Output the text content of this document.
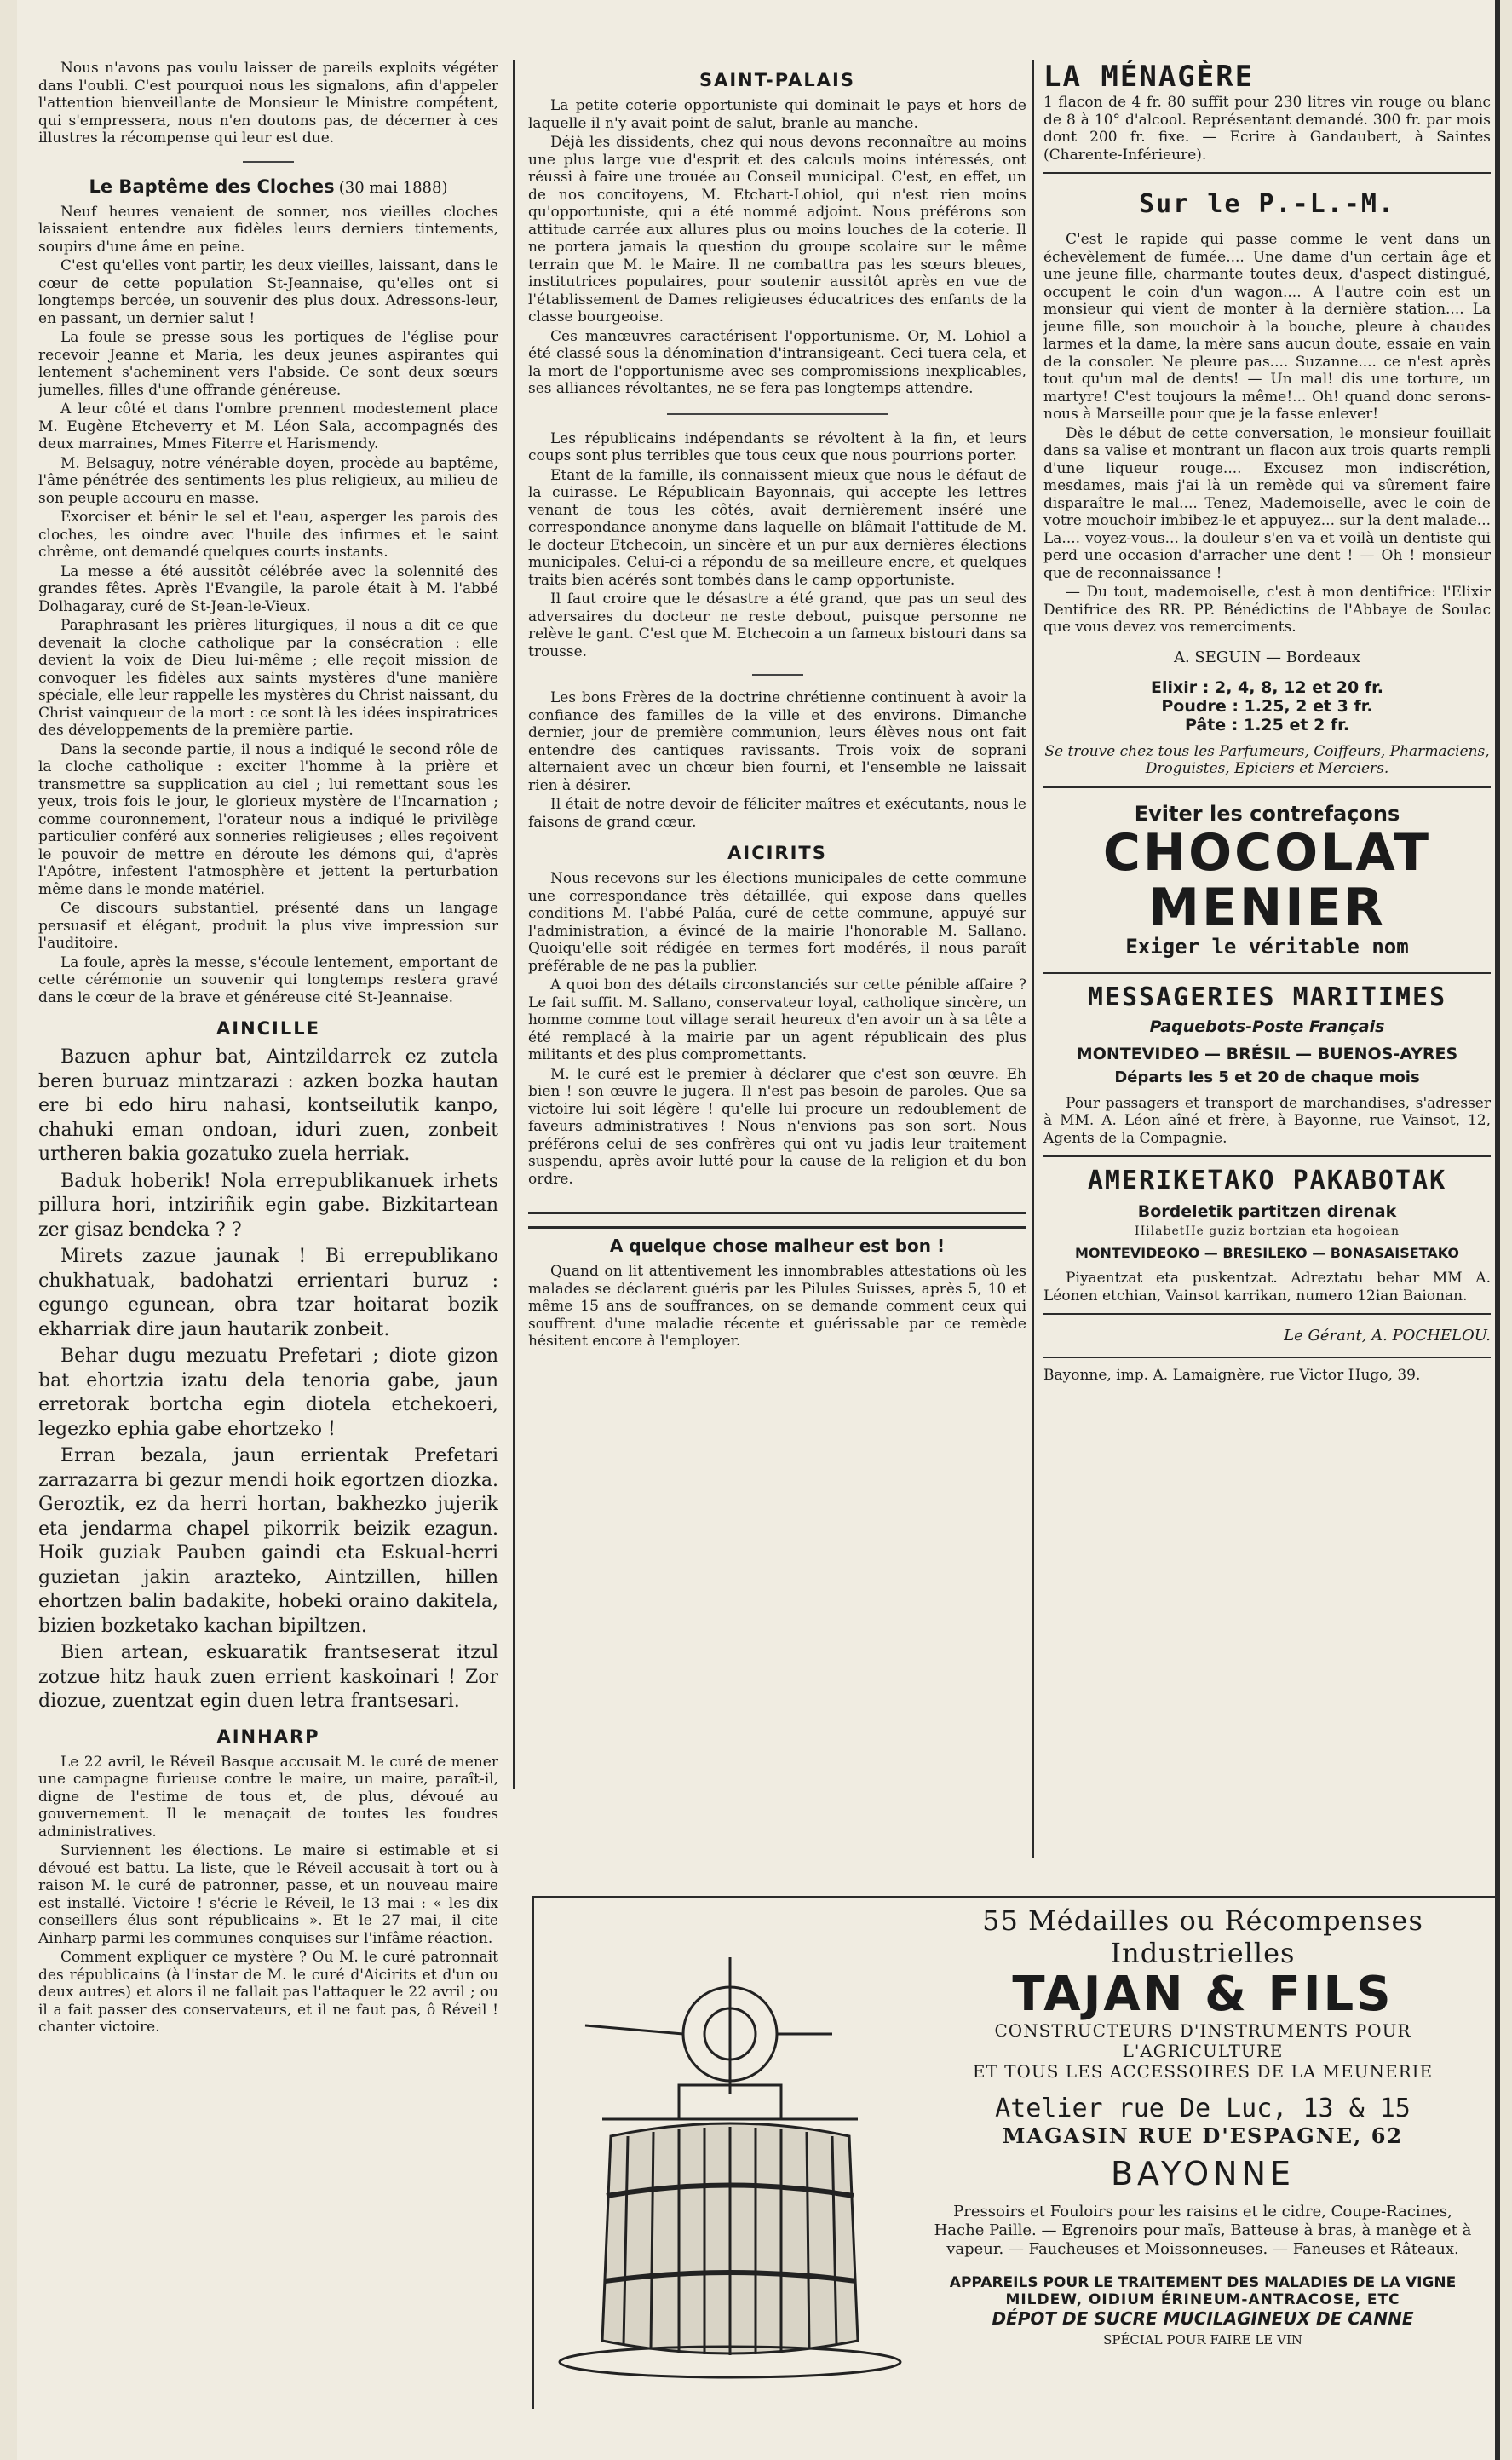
Nous n'avons pas voulu laisser de pareils exploits végéter dans l'oubli. C'est pourquoi nous les signalons, afin d'appeler l'attention bienveillante de Monsieur le Ministre compétent, qui s'empressera, nous n'en doutons pas, de décerner à ces illustres la récompense qui leur est due.

Le Baptême des Cloches (30 mai 1888)

Neuf heures venaient de sonner, nos vieilles cloches laissaient entendre aux fidèles leurs derniers tintements, soupirs d'une âme en peine.

C'est qu'elles vont partir, les deux vieilles, laissant, dans le cœur de cette population St-Jeannaise, qu'elles ont si longtemps bercée, un souvenir des plus doux. Adressons-leur, en passant, un dernier salut !

La foule se presse sous les portiques de l'église pour recevoir Jeanne et Maria, les deux jeunes aspirantes qui lentement s'acheminent vers l'abside. Ce sont deux sœurs jumelles, filles d'une offrande généreuse.

A leur côté et dans l'ombre prennent modestement place M. Eugène Etcheverry et M. Léon Sala, accompagnés des deux marraines, Mmes Fiterre et Harismendy.

M. Belsaguy, notre vénérable doyen, procède au baptême, l'âme pénétrée des sentiments les plus religieux, au milieu de son peuple accouru en masse.

Exorciser et bénir le sel et l'eau, asperger les parois des cloches, les oindre avec l'huile des infirmes et le saint chrême, ont demandé quelques courts instants.

La messe a été aussitôt célébrée avec la solennité des grandes fêtes. Après l'Evangile, la parole était à M. l'abbé Dolhagaray, curé de St-Jean-le-Vieux.

Paraphrasant les prières liturgiques, il nous a dit ce que devenait la cloche catholique par la consécration : elle devient la voix de Dieu lui-même ; elle reçoit mission de convoquer les fidèles aux saints mystères d'une manière spéciale, elle leur rappelle les mystères du Christ naissant, du Christ vainqueur de la mort : ce sont là les idées inspiratrices des développements de la première partie.

Dans la seconde partie, il nous a indiqué le second rôle de la cloche catholique : exciter l'homme à la prière et transmettre sa supplication au ciel ; lui remettant sous les yeux, trois fois le jour, le glorieux mystère de l'Incarnation ; comme couronnement, l'orateur nous a indiqué le privilège particulier conféré aux sonneries religieuses ; elles reçoivent le pouvoir de mettre en déroute les démons qui, d'après l'Apôtre, infestent l'atmosphère et jettent la perturbation même dans le monde matériel.

Ce discours substantiel, présenté dans un langage persuasif et élégant, produit la plus vive impression sur l'auditoire.

La foule, après la messe, s'écoule lentement, emportant de cette cérémonie un souvenir qui longtemps restera gravé dans le cœur de la brave et généreuse cité St-Jeannaise.

AINCILLE

Bazuen aphur bat, Aintzildarrek ez zutela beren buruaz mintzarazi : azken bozka hautan ere bi edo hiru nahasi, kontseilutik kanpo, chahuki eman ondoan, iduri zuen, zonbeit urtheren bakia gozatuko zuela herriak.

Baduk hoberik! Nola errepublikanuek irhets pillura hori, intziriñik egin gabe. Bizkitartean zer gisaz bendeka ? ?

Mirets zazue jaunak ! Bi errepublikano chukhatuak, badohatzi errientari buruz : egungo egunean, obra tzar hoitarat bozik ekharriak dire jaun hautarik zonbeit.

Behar dugu mezuatu Prefetari ; diote gizon bat ehortzia izatu dela tenoria gabe, jaun erretorak bortcha egin diotela etchekoeri, legezko ephia gabe ehortzeko !

Erran bezala, jaun errientak Prefetari zarrazarra bi gezur mendi hoik egortzen diozka. Geroztik, ez da herri hortan, bakhezko jujerik eta jendarma chapel pikorrik beizik ezagun. Hoik guziak Pauben gaindi eta Eskual-herri guzietan jakin arazteko, Aintzillen, hillen ehortzen balin badakite, hobeki oraino dakitela, bizien bozketako kachan bipiltzen.

Bien artean, eskuaratik frantseserat itzul zotzue hitz hauk zuen errient kaskoinari ! Zor diozue, zuentzat egin duen letra frantsesari.

AINHARP

Le 22 avril, le Réveil Basque accusait M. le curé de mener une campagne furieuse contre le maire, un maire, paraît-il, digne de l'estime de tous et, de plus, dévoué au gouvernement. Il le menaçait de toutes les foudres administratives.

Surviennent les élections. Le maire si estimable et si dévoué est battu. La liste, que le Réveil accusait à tort ou à raison M. le curé de patronner, passe, et un nouveau maire est installé. Victoire ! s'écrie le Réveil, le 13 mai : « les dix conseillers élus sont républicains ». Et le 27 mai, il cite Ainharp parmi les communes conquises sur l'infâme réaction.

Comment expliquer ce mystère ? Ou M. le curé patronnait des républicains (à l'instar de M. le curé d'Aicirits et d'un ou deux autres) et alors il ne fallait pas l'attaquer le 22 avril ; ou il a fait passer des conservateurs, et il ne faut pas, ô Réveil ! chanter victoire.

SAINT-PALAIS

La petite coterie opportuniste qui dominait le pays et hors de laquelle il n'y avait point de salut, branle au manche.

Déjà les dissidents, chez qui nous devons reconnaître au moins une plus large vue d'esprit et des calculs moins intéressés, ont réussi à faire une trouée au Conseil municipal. C'est, en effet, un de nos concitoyens, M. Etchart-Lohiol, qui n'est rien moins qu'opportuniste, qui a été nommé adjoint. Nous préférons son attitude carrée aux allures plus ou moins louches de la coterie. Il ne portera jamais la question du groupe scolaire sur le même terrain que M. le Maire. Il ne combattra pas les sœurs bleues, institutrices populaires, pour soutenir aussitôt après en vue de l'établissement de Dames religieuses éducatrices des enfants de la classe bourgeoise.

Ces manœuvres caractérisent l'opportunisme. Or, M. Lohiol a été classé sous la dénomination d'intransigeant. Ceci tuera cela, et la mort de l'opportunisme avec ses compromissions inexplicables, ses alliances révoltantes, ne se fera pas longtemps attendre.

Les républicains indépendants se révoltent à la fin, et leurs coups sont plus terribles que tous ceux que nous pourrions porter.

Etant de la famille, ils connaissent mieux que nous le défaut de la cuirasse. Le Républicain Bayonnais, qui accepte les lettres venant de tous les côtés, avait dernièrement inséré une correspondance anonyme dans laquelle on blâmait l'attitude de M. le docteur Etchecoin, un sincère et un pur aux dernières élections municipales. Celui-ci a répondu de sa meilleure encre, et quelques traits bien acérés sont tombés dans le camp opportuniste.

Il faut croire que le désastre a été grand, que pas un seul des adversaires du docteur ne reste debout, puisque personne ne relève le gant. C'est que M. Etchecoin a un fameux bistouri dans sa trousse.

Les bons Frères de la doctrine chrétienne continuent à avoir la confiance des familles de la ville et des environs. Dimanche dernier, jour de première communion, leurs élèves nous ont fait entendre des cantiques ravissants. Trois voix de soprani alternaient avec un chœur bien fourni, et l'ensemble ne laissait rien à désirer.

Il était de notre devoir de féliciter maîtres et exécutants, nous le faisons de grand cœur.

AICIRITS

Nous recevons sur les élections municipales de cette commune une correspondance très détaillée, qui expose dans quelles conditions M. l'abbé Paláa, curé de cette commune, appuyé sur l'administration, a évincé de la mairie l'honorable M. Sallano. Quoiqu'elle soit rédigée en termes fort modérés, il nous paraît préférable de ne pas la publier.

A quoi bon des détails circonstanciés sur cette pénible affaire ? Le fait suffit. M. Sallano, conservateur loyal, catholique sincère, un homme comme tout village serait heureux d'en avoir un à sa tête a été remplacé à la mairie par un agent républicain des plus militants et des plus compromettants.

M. le curé est le premier à déclarer que c'est son œuvre. Eh bien ! son œuvre le jugera. Il n'est pas besoin de paroles. Que sa victoire lui soit légère ! qu'elle lui procure un redoublement de faveurs administratives ! Nous n'envions pas son sort. Nous préférons celui de ses confrères qui ont vu jadis leur traitement suspendu, après avoir lutté pour la cause de la religion et du bon ordre.

A quelque chose malheur est bon !

Quand on lit attentivement les innombrables attestations où les malades se déclarent guéris par les Pilules Suisses, après 5, 10 et même 15 ans de souffrances, on se demande comment ceux qui souffrent d'une maladie récente et guérissable par ce remède hésitent encore à l'employer.

LA MÉNAGÈRE

1 flacon de 4 fr. 80 suffit pour 230 litres vin rouge ou blanc de 8 à 10° d'alcool. Représentant demandé. 300 fr. par mois dont 200 fr. fixe. — Ecrire à Gandaubert, à Saintes (Charente-Inférieure).

Sur le P.-L.-M.

C'est le rapide qui passe comme le vent dans un échevèlement de fumée.... Une dame d'un certain âge et une jeune fille, charmante toutes deux, d'aspect distingué, occupent le coin d'un wagon.... A l'autre coin est un monsieur qui vient de monter à la dernière station.... La jeune fille, son mouchoir à la bouche, pleure à chaudes larmes et la dame, la mère sans aucun doute, essaie en vain de la consoler. Ne pleure pas.... Suzanne.... ce n'est après tout qu'un mal de dents! — Un mal! dis une torture, un martyre! C'est toujours la même!... Oh! quand donc serons-nous à Marseille pour que je la fasse enlever!

Dès le début de cette conversation, le monsieur fouillait dans sa valise et montrant un flacon aux trois quarts rempli d'une liqueur rouge.... Excusez mon indiscrétion, mesdames, mais j'ai là un remède qui va sûrement faire disparaître le mal.... Tenez, Mademoiselle, avec le coin de votre mouchoir imbibez-le et appuyez... sur la dent malade... La.... voyez-vous... la douleur s'en va et voilà un dentiste qui perd une occasion d'arracher une dent ! — Oh ! monsieur que de reconnaissance !

— Du tout, mademoiselle, c'est à mon dentifrice: l'Elixir Dentifrice des RR. PP. Bénédictins de l'Abbaye de Soulac que vous devez vos remerciments.

A. SEGUIN — Bordeaux
Elixir : 2, 4, 8, 12 et 20 fr.
Poudre : 1.25, 2 et 3 fr.
Pâte : 1.25 et 2 fr.

Se trouve chez tous les Parfumeurs, Coiffeurs, Pharmaciens, Droguistes, Epiciers et Merciers.

Eviter les contrefaçons
CHOCOLAT
MENIER
Exiger le véritable nom
MESSAGERIES MARITIMES
Paquebots-Poste Français
MONTEVIDEO — BRÉSIL — BUENOS-AYRES
Départs les 5 et 20 de chaque mois

Pour passagers et transport de marchandises, s'adresser à MM. A. Léon aîné et frère, à Bayonne, rue Vainsot, 12, Agents de la Compagnie.

AMERIKETAKO PAKABOTAK
Bordeletik partitzen direnak
HilabetHe guziz bortzian eta hogoiean
MONTEVIDEOKO — BRESILEKO — BONASAISETAKO

Piyaentzat eta puskentzat. Adreztatu behar MM A. Léonen etchian, Vainsot karrikan, numero 12ian Baionan.

Le Gérant, A. POCHELOU.
Bayonne, imp. A. Lamaignère, rue Victor Hugo, 39.
55 Médailles ou Récompenses Industrielles
TAJAN & FILS
CONSTRUCTEURS D'INSTRUMENTS POUR L'AGRICULTURE
ET TOUS LES ACCESSOIRES DE LA MEUNERIE
Atelier rue De Luc, 13 & 15
MAGASIN RUE D'ESPAGNE, 62
BAYONNE

Pressoirs et Fouloirs pour les raisins et le cidre, Coupe-Racines, Hache Paille. — Egrenoirs pour maïs, Batteuse à bras, à manège et à vapeur. — Faucheuses et Moissonneuses. — Faneuses et Râteaux.

APPAREILS POUR LE TRAITEMENT DES MALADIES DE LA VIGNE
MILDEW, OIDIUM ÉRINEUM-ANTRACOSE, ETC
DÉPOT DE SUCRE MUCILAGINEUX DE CANNE
SPÉCIAL POUR FAIRE LE VIN
